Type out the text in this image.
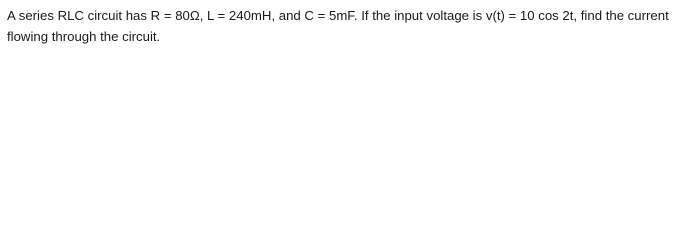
A series RLC circuit has R = 80Ω, L = 240mH, and C = 5mF. If the input voltage is v(t) = 10 cos 2t, find the current flowing through the circuit.
